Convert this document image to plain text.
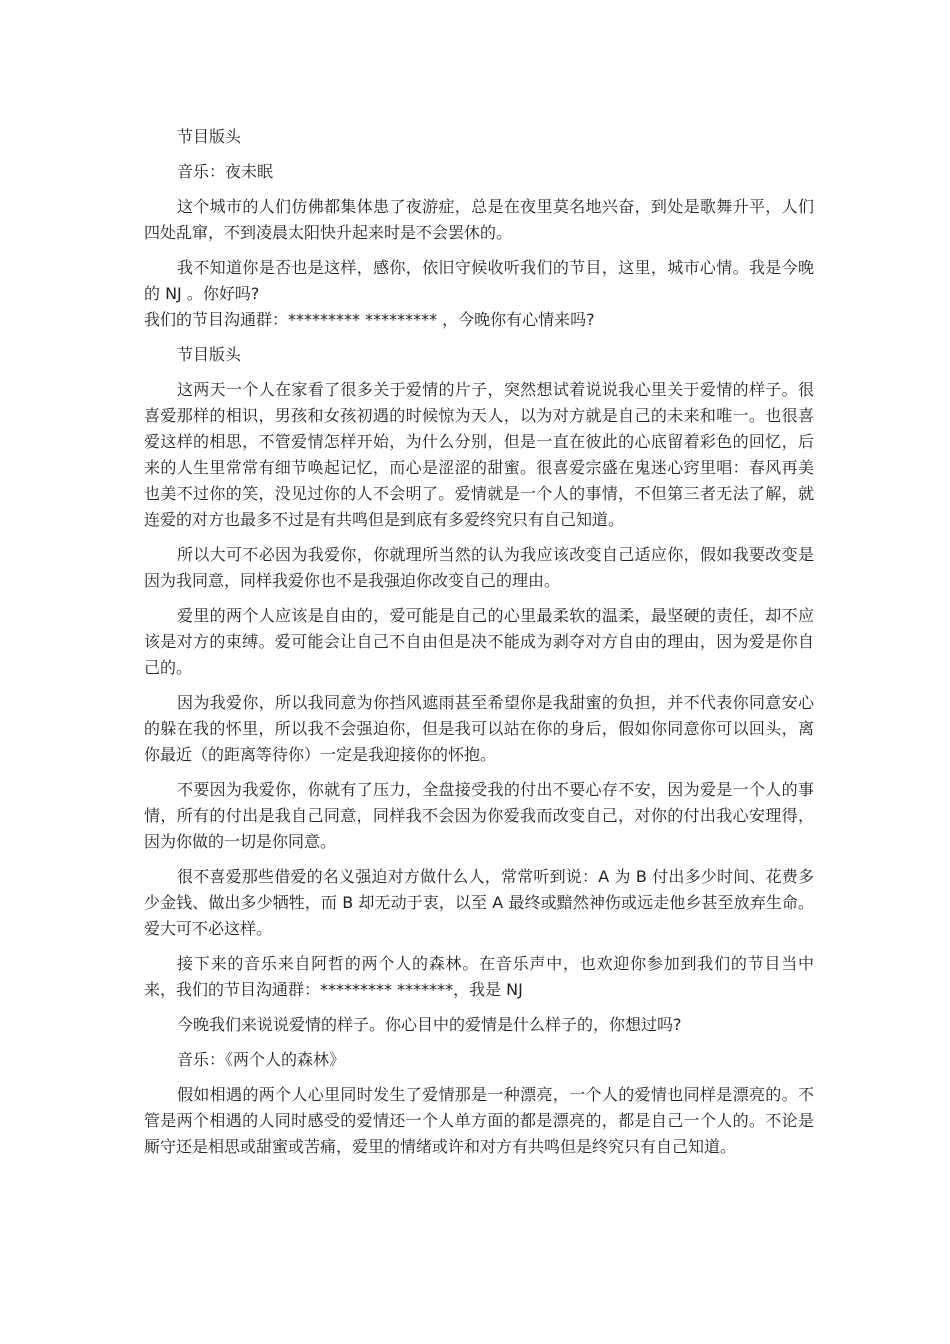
节目版头

音乐：夜未眠

这个城市的人们仿佛都集体患了夜游症，总是在夜里莫名地兴奋，到处是歌舞升平，人们四处乱窜，不到凌晨太阳快升起来时是不会罢休的。

我不知道你是否也是这样，感你，依旧守候收听我们的节目，这里，城市心情。我是今晚的 NJ 。你好吗?

我们的节目沟通群：********* ********* ，今晚你有心情来吗?

节目版头

这两天一个人在家看了很多关于爱情的片子，突然想试着说说我心里关于爱情的样子。很喜爱那样的相识，男孩和女孩初遇的时候惊为天人，以为对方就是自己的未来和唯一。也很喜爱这样的相思，不管爱情怎样开始，为什么分别，但是一直在彼此的心底留着彩色的回忆，后来的人生里常常有细节唤起记忆，而心是涩涩的甜蜜。很喜爱宗盛在鬼迷心窍里唱：春风再美也美不过你的笑，没见过你的人不会明了。爱情就是一个人的事情，不但第三者无法了解，就连爱的对方也最多不过是有共鸣但是到底有多爱终究只有自己知道。

所以大可不必因为我爱你，你就理所当然的认为我应该改变自己适应你，假如我要改变是因为我同意，同样我爱你也不是我强迫你改变自己的理由。

爱里的两个人应该是自由的，爱可能是自己的心里最柔软的温柔，最坚硬的责任，却不应该是对方的束缚。爱可能会让自己不自由但是决不能成为剥夺对方自由的理由，因为爱是你自己的。

因为我爱你，所以我同意为你挡风遮雨甚至希望你是我甜蜜的负担，并不代表你同意安心的躲在我的怀里，所以我不会强迫你，但是我可以站在你的身后，假如你同意你可以回头，离你最近（的距离等待你）一定是我迎接你的怀抱。

不要因为我爱你，你就有了压力，全盘接受我的付出不要心存不安，因为爱是一个人的事情，所有的付出是我自己同意，同样我不会因为你爱我而改变自己，对你的付出我心安理得，因为你做的一切是你同意。

很不喜爱那些借爱的名义强迫对方做什么人，常常听到说：A 为 B 付出多少时间、花费多少金钱、做出多少牺牲，而 B 却无动于衷，以至 A 最终或黯然神伤或远走他乡甚至放弃生命。爱大可不必这样。

接下来的音乐来自阿哲的两个人的森林。在音乐声中，也欢迎你参加到我们的节目当中来，我们的节目沟通群：********* *******，我是 NJ

今晚我们来说说爱情的样子。你心目中的爱情是什么样子的，你想过吗?

音乐：《两个人的森林》

假如相遇的两个人心里同时发生了爱情那是一种漂亮，一个人的爱情也同样是漂亮的。不管是两个相遇的人同时感受的爱情还一个人单方面的都是漂亮的，都是自己一个人的。不论是厮守还是相思或甜蜜或苦痛，爱里的情绪或许和对方有共鸣但是终究只有自己知道。
